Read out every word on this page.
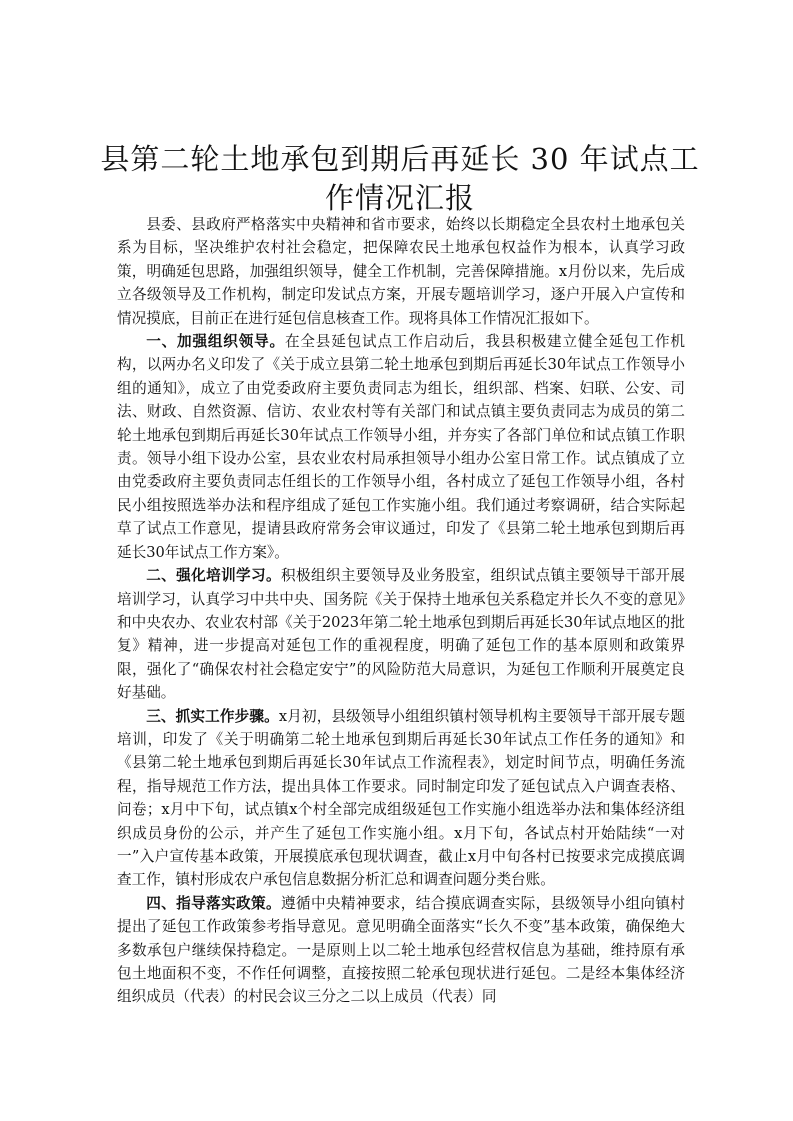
县第二轮土地承包到期后再延长 30 年试点工作情况汇报

县委、县政府严格落实中央精神和省市要求，始终以长期稳定全县农村土地承包关系为目标，坚决维护农村社会稳定，把保障农民土地承包权益作为根本，认真学习政策，明确延包思路，加强组织领导，健全工作机制，完善保障措施。x月份以来，先后成立各级领导及工作机构，制定印发试点方案，开展专题培训学习，逐户开展入户宣传和情况摸底，目前正在进行延包信息核查工作。现将具体工作情况汇报如下。

一、加强组织领导。在全县延包试点工作启动后，我县积极建立健全延包工作机构，以两办名义印发了《关于成立县第二轮土地承包到期后再延长30年试点工作领导小组的通知》，成立了由党委政府主要负责同志为组长，组织部、档案、妇联、公安、司法、财政、自然资源、信访、农业农村等有关部门和试点镇主要负责同志为成员的第二轮土地承包到期后再延长30年试点工作领导小组，并夯实了各部门单位和试点镇工作职责。领导小组下设办公室，县农业农村局承担领导小组办公室日常工作。试点镇成了立由党委政府主要负责同志任组长的工作领导小组，各村成立了延包工作领导小组，各村民小组按照选举办法和程序组成了延包工作实施小组。我们通过考察调研，结合实际起草了试点工作意见，提请县政府常务会审议通过，印发了《县第二轮土地承包到期后再延长30年试点工作方案》。

二、强化培训学习。积极组织主要领导及业务股室，组织试点镇主要领导干部开展培训学习，认真学习中共中央、国务院《关于保持土地承包关系稳定并长久不变的意见》和中央农办、农业农村部《关于2023年第二轮土地承包到期后再延长30年试点地区的批复》精神，进一步提高对延包工作的重视程度，明确了延包工作的基本原则和政策界限，强化了“确保农村社会稳定安宁”的风险防范大局意识，为延包工作顺利开展奠定良好基础。

三、抓实工作步骤。x月初，县级领导小组组织镇村领导机构主要领导干部开展专题培训，印发了《关于明确第二轮土地承包到期后再延长30年试点工作任务的通知》和《县第二轮土地承包到期后再延长30年试点工作流程表》，划定时间节点，明确任务流程，指导规范工作方法，提出具体工作要求。同时制定印发了延包试点入户调查表格、问卷；x月中下旬，试点镇x个村全部完成组级延包工作实施小组选举办法和集体经济组织成员身份的公示，并产生了延包工作实施小组。x月下旬，各试点村开始陆续“一对一”入户宣传基本政策，开展摸底承包现状调查，截止x月中旬各村已按要求完成摸底调查工作，镇村形成农户承包信息数据分析汇总和调查问题分类台账。

四、指导落实政策。遵循中央精神要求，结合摸底调查实际，县级领导小组向镇村提出了延包工作政策参考指导意见。意见明确全面落实“长久不变”基本政策，确保绝大多数承包户继续保持稳定。一是原则上以二轮土地承包经营权信息为基础，维持原有承包土地面积不变，不作任何调整，直接按照二轮承包现状进行延包。二是经本集体经济组织成员（代表）的村民会议三分之二以上成员（代表）同
